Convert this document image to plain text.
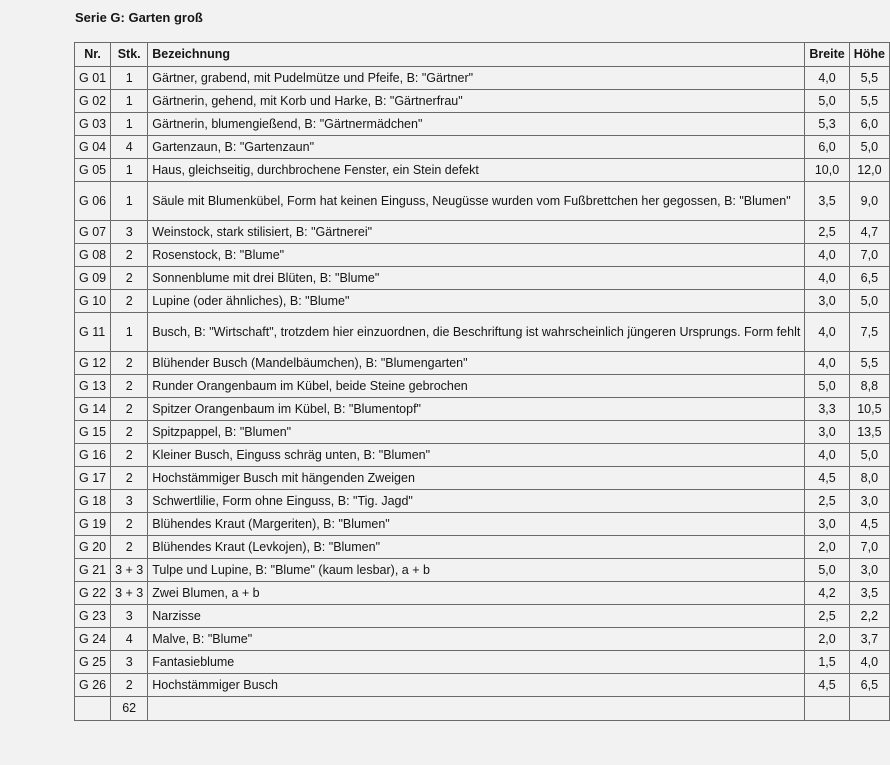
Serie G: Garten groß
Nr.	Stk.	Bezeichnung	Breite	Höhe
G 01	1	Gärtner, grabend, mit Pudelmütze und Pfeife, B: "Gärtner"	4,0	5,5
G 02	1	Gärtnerin, gehend, mit Korb und Harke, B: "Gärtnerfrau"	5,0	5,5
G 03	1	Gärtnerin, blumengießend, B: "Gärtnermädchen"	5,3	6,0
G 04	4	Gartenzaun, B: "Gartenzaun"	6,0	5,0
G 05	1	Haus, gleichseitig, durchbrochene Fenster, ein Stein defekt	10,0	12,0
G 06	1	Säule mit Blumenkübel, Form hat keinen Einguss, Neugüsse wurden vom Fußbrettchen her gegossen, B: "Blumen"	3,5	9,0
G 07	3	Weinstock, stark stilisiert, B: "Gärtnerei"	2,5	4,7
G 08	2	Rosenstock, B: "Blume"	4,0	7,0
G 09	2	Sonnenblume mit drei Blüten, B: "Blume"	4,0	6,5
G 10	2	Lupine (oder ähnliches), B: "Blume"	3,0	5,0
G 11	1	Busch, B: "Wirtschaft", trotzdem hier einzuordnen, die Beschriftung ist wahrscheinlich jüngeren Ursprungs. Form fehlt	4,0	7,5
G 12	2	Blühender Busch (Mandelbäumchen), B: "Blumengarten"	4,0	5,5
G 13	2	Runder Orangenbaum im Kübel, beide Steine gebrochen	5,0	8,8
G 14	2	Spitzer Orangenbaum im Kübel, B: "Blumentopf"	3,3	10,5
G 15	2	Spitzpappel, B: "Blumen"	3,0	13,5
G 16	2	Kleiner Busch, Einguss schräg unten, B: "Blumen"	4,0	5,0
G 17	2	Hochstämmiger Busch mit hängenden Zweigen	4,5	8,0
G 18	3	Schwertlilie, Form ohne Einguss, B: "Tig. Jagd"	2,5	3,0
G 19	2	Blühendes Kraut (Margeriten), B: "Blumen"	3,0	4,5
G 20	2	Blühendes Kraut (Levkojen), B: "Blumen"	2,0	7,0
G 21	3 + 3	Tulpe und Lupine, B: "Blume" (kaum lesbar), a + b	5,0	3,0
G 22	3 + 3	Zwei Blumen, a + b	4,2	3,5
G 23	3	Narzisse	2,5	2,2
G 24	4	Malve, B: "Blume"	2,0	3,7
G 25	3	Fantasieblume	1,5	4,0
G 26	2	Hochstämmiger Busch	4,5	6,5
	62			
